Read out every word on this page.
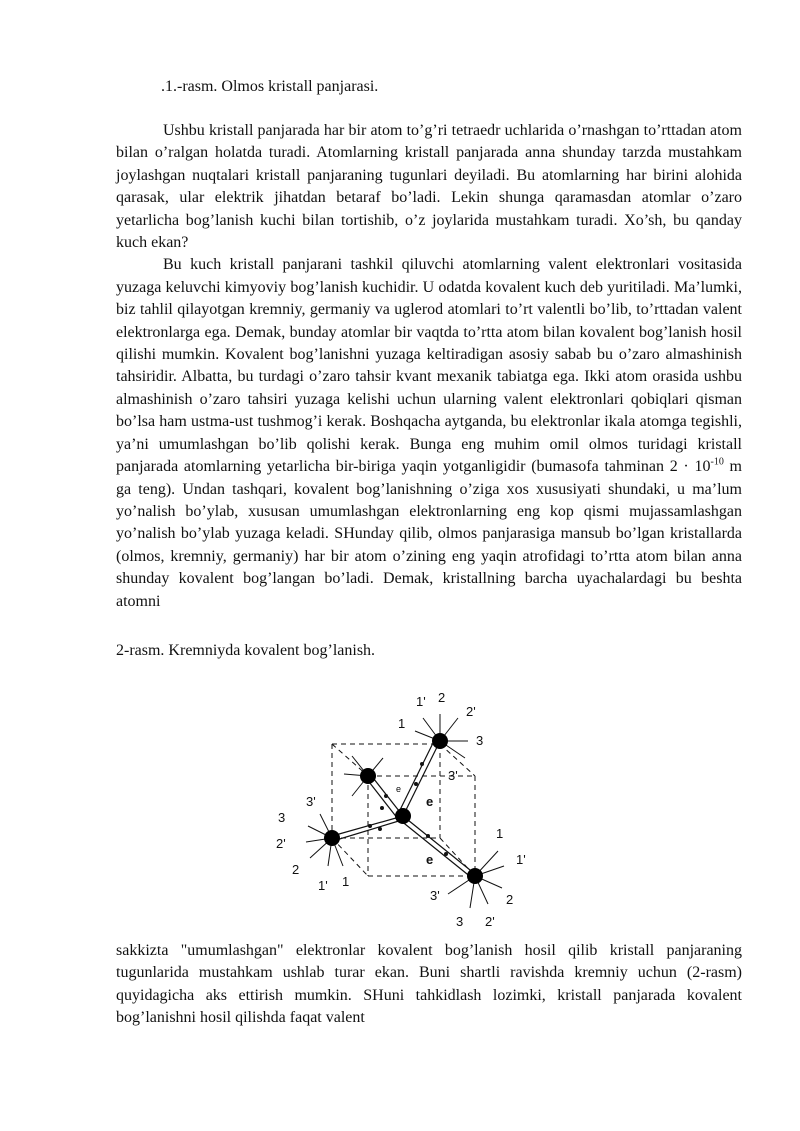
.1.-rasm. Olmos kristall panjarasi.

Ushbu kristall panjarada har bir atom to’g’ri tetraedr uchlarida o’rnashgan to’rttadan atom bilan o’ralgan holatda turadi. Atomlarning kristall panjarada anna shunday tarzda mustahkam joylashgan nuqtalari kristall panjaraning tugunlari deyiladi. Bu atomlarning har birini alohida qarasak, ular elektrik jihatdan betaraf bo’ladi. Lekin shunga qaramasdan atomlar o’zaro yetarlicha bog’lanish kuchi bilan tortishib, o’z joylarida mustahkam turadi. Xo’sh, bu qanday kuch ekan?

Bu kuch kristall panjarani tashkil qiluvchi atomlarning valent elektronlari vositasida yuzaga keluvchi kimyoviy bog’lanish kuchidir. U odatda kovalent kuch deb yuritiladi. Ma’lumki, biz tahlil qilayotgan kremniy, germaniy va uglerod atomlari to’rt valentli bo’lib, to’rttadan valent elektronlarga ega. Demak, bunday atomlar bir vaqtda to’rtta atom bilan kovalent bog’lanish hosil qilishi mumkin. Kovalent bog’lanishni yuzaga keltiradigan asosiy sabab bu o’zaro almashinish tahsiridir. Albatta, bu turdagi o’zaro tahsir kvant mexanik tabiatga ega. Ikki atom orasida ushbu almashinish o’zaro tahsiri yuzaga kelishi uchun ularning valent elektronlari qobiqlari qisman bo’lsa ham ustma-ust tushmog’i kerak. Boshqacha aytganda, bu elektronlar ikala atomga tegishli, ya’ni umumlashgan bo’lib qolishi kerak. Bunga eng muhim omil olmos turidagi kristall panjarada atomlarning yetarlicha bir-biriga yaqin yotganligidir (bumasofa tahminan $2 \cdot 10^{-10}$ m ga teng). Undan tashqari, kovalent bog’lanishning o’ziga xos xususiyati shundaki, u ma’lum yo’nalish bo’ylab, xususan umumlashgan elektronlarning eng kop qismi mujassamlashgan yo’nalish bo’ylab yuzaga keladi. SHunday qilib, olmos panjarasiga mansub bo’lgan kristallarda (olmos, kremniy, germaniy) har bir atom o’zining eng yaqin atrofidagi to’rtta atom bilan anna shunday kovalent bog’langan bo’ladi. Demak, kristallning barcha uyachalardagi bu beshta atomni

2-rasm. Kremniyda kovalent bog’lanish.
1' 2
1
2'
3
3'
3'
3
2'
2
1' 1
1
1'
2
3'
3 2'
e
e
e

sakkizta "umumlashgan" elektronlar kovalent bog’lanish hosil qilib kristall panjaraning tugunlarida mustahkam ushlab turar ekan. Buni shartli ravishda kremniy uchun (2-rasm) quyidagicha aks ettirish mumkin. SHuni tahkidlash lozimki, kristall panjarada kovalent bog’lanishni hosil qilishda faqat valent
